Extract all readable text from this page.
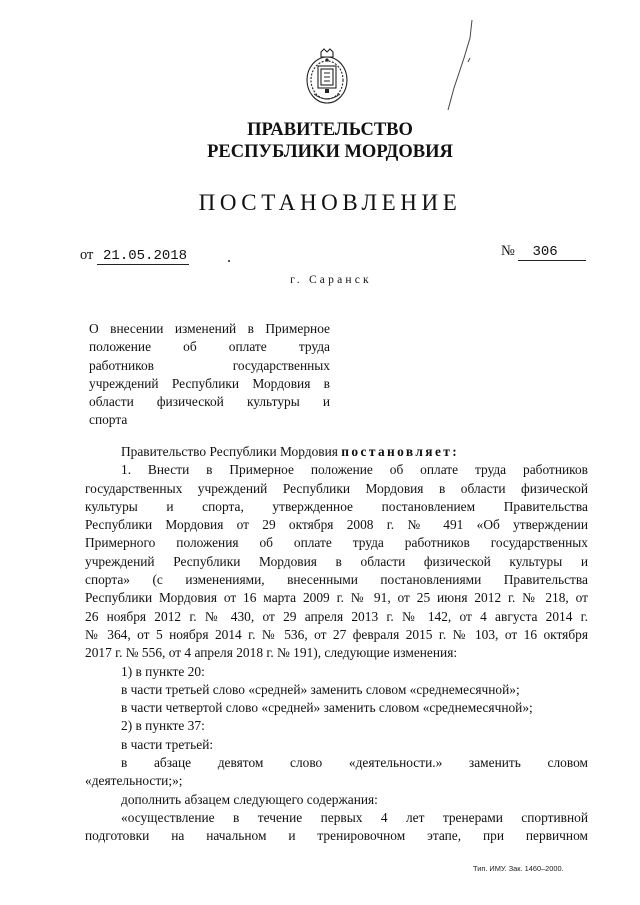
ПРАВИТЕЛЬСТВО
РЕСПУБЛИКИ МОРДОВИЯ
ПОСТАНОВЛЕНИЕ
от 21.05.2018	№ 306
г. Саранск
О внесении изменений в Примерное
положение об оплате труда
работников государственных
учреждений Республики Мордовия в
области физической культуры и
спорта
Правительство Республики Мордовия постановляет:
1. Внести в Примерное положение об оплате труда работников
государственных учреждений Республики Мордовия в области физической
культуры и спорта, утвержденное постановлением Правительства
Республики Мордовия от 29 октября 2008 г. № 491 «Об утверждении
Примерного положения об оплате труда работников государственных
учреждений Республики Мордовия в области физической культуры и
спорта» (с изменениями, внесенными постановлениями Правительства
Республики Мордовия от 16 марта 2009 г. № 91, от 25 июня 2012 г. № 218, от
26 ноября 2012 г. № 430, от 29 апреля 2013 г. № 142, от 4 августа 2014 г.
№ 364, от 5 ноября 2014 г. № 536, от 27 февраля 2015 г. № 103, от 16 октября
2017 г. № 556, от 4 апреля 2018 г. № 191), следующие изменения:
1) в пункте 20:
в части третьей слово «средней» заменить словом «среднемесячной»;
в части четвертой слово «средней» заменить словом «среднемесячной»;
2) в пункте 37:
в части третьей:
в абзаце девятом слово «деятельности.» заменить словом
«деятельности;»;
дополнить абзацем следующего содержания:
«осуществление в течение первых 4 лет тренерами спортивной
подготовки на начальном и тренировочном этапе, при первичном
Тип. ИМУ. Зак. 1460–2000.
